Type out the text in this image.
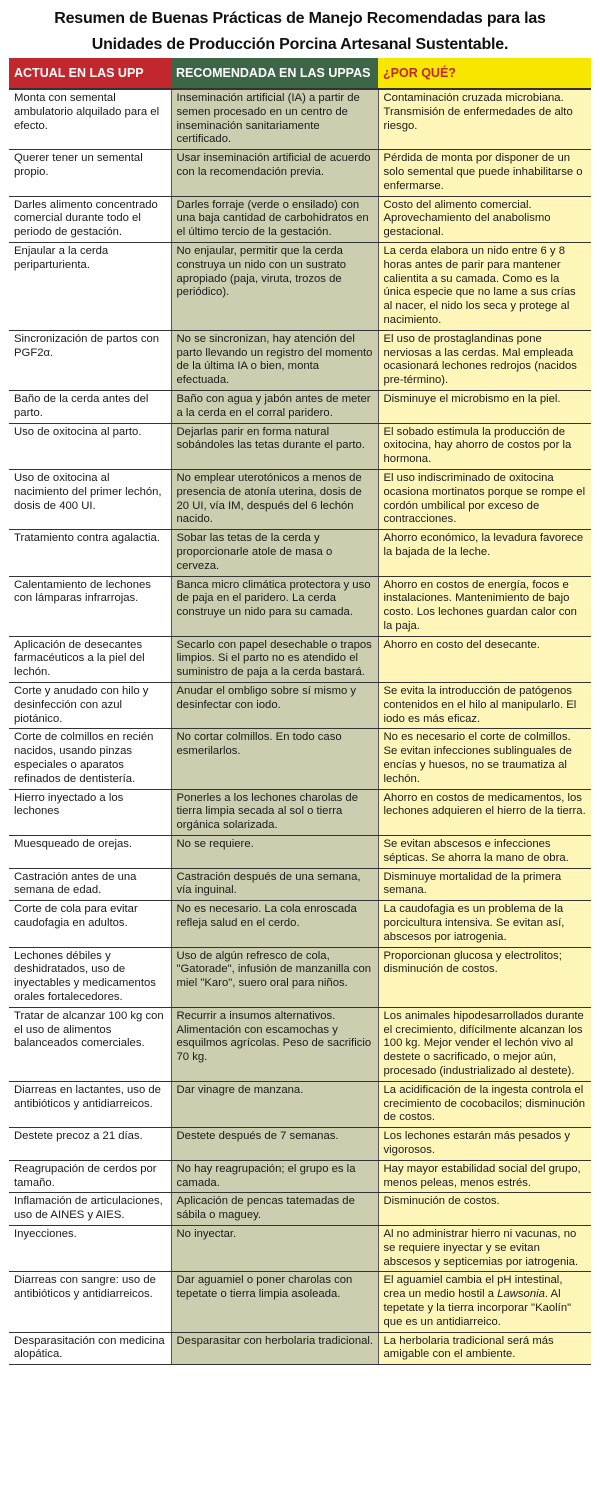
Resumen de Buenas Prácticas de Manejo Recomendadas para las
Unidades de Producción Porcina Artesanal Sustentable.
ACTUAL EN LAS UPP	RECOMENDADA EN LAS UPPAS	¿POR QUÉ?
Monta con semental ambulatorio alquilado para el efecto.	Inseminación artificial (IA) a partir de semen procesado en un centro de inseminación sanitariamente certificado.	Contaminación cruzada microbiana. Transmisión de enfermedades de alto riesgo.
Querer tener un semental propio.	Usar inseminación artificial de acuerdo con la recomendación previa.	Pérdida de monta por disponer de un solo semental que puede inhabilitarse o enfermarse.
Darles alimento concentrado comercial durante todo el periodo de gestación.	Darles forraje (verde o ensilado) con una baja cantidad de carbohidratos en el último tercio de la gestación.	Costo del alimento comercial. Aprovechamiento del anabolismo gestacional.
Enjaular a la cerda periparturienta.	No enjaular, permitir que la cerda construya un nido con un sustrato apropiado (paja, viruta, trozos de periódico).	La cerda elabora un nido entre 6 y 8 horas antes de parir para mantener calientita a su camada. Como es la única especie que no lame a sus crías al nacer, el nido los seca y protege al nacimiento.
Sincronización de partos con PGF2α.	No se sincronizan, hay atención del parto llevando un registro del momento de la última IA o bien, monta efectuada.	El uso de prostaglandinas pone nerviosas a las cerdas. Mal empleada ocasionará lechones redrojos (nacidos pre-término).
Baño de la cerda antes del parto.	Baño con agua y jabón antes de meter a la cerda en el corral paridero.	Disminuye el microbismo en la piel.
Uso de oxitocina al parto.	Dejarlas parir en forma natural sobándoles las tetas durante el parto.	El sobado estimula la producción de oxitocina, hay ahorro de costos por la hormona.
Uso de oxitocina al nacimiento del primer lechón, dosis de 400 UI.	No emplear uterotónicos a menos de presencia de atonía uterina, dosis de 20 UI, vía IM, después del 6 lechón nacido.	El uso indiscriminado de oxitocina ocasiona mortinatos porque se rompe el cordón umbilical por exceso de contracciones.
Tratamiento contra agalactia.	Sobar las tetas de la cerda y proporcionarle atole de masa o cerveza.	Ahorro económico, la levadura favorece la bajada de la leche.
Calentamiento de lechones con lámparas infrarrojas.	Banca micro climática protectora y uso de paja en el paridero. La cerda construye un nido para su camada.	Ahorro en costos de energía, focos e instalaciones. Mantenimiento de bajo costo. Los lechones guardan calor con la paja.
Aplicación de desecantes farmacéuticos a la piel del lechón.	Secarlo con papel desechable o trapos limpios. Si el parto no es atendido el suministro de paja a la cerda bastará.	Ahorro en costo del desecante.
Corte y anudado con hilo y desinfección con azul piotánico.	Anudar el ombligo sobre sí mismo y desinfectar con iodo.	Se evita la introducción de patógenos contenidos en el hilo al manipularlo. El iodo es más eficaz.
Corte de colmillos en recién nacidos, usando pinzas especiales o aparatos refinados de dentistería.	No cortar colmillos. En todo caso esmerilarlos.	No es necesario el corte de colmillos. Se evitan infecciones sublinguales de encías y huesos, no se traumatiza al lechón.
Hierro inyectado a los lechones	Ponerles a los lechones charolas de tierra limpia secada al sol o tierra orgánica solarizada.	Ahorro en costos de medicamentos, los lechones adquieren el hierro de la tierra.
Muesqueado de orejas.	No se requiere.	Se evitan abscesos e infecciones sépticas. Se ahorra la mano de obra.
Castración antes de una semana de edad.	Castración después de una semana, vía inguinal.	Disminuye mortalidad de la primera semana.
Corte de cola para evitar caudofagia en adultos.	No es necesario. La cola enroscada refleja salud en el cerdo.	La caudofagia es un problema de la porcicultura intensiva. Se evitan así, abscesos por iatrogenia.
Lechones débiles y deshidratados, uso de inyectables y medicamentos orales fortalecedores.	Uso de algún refresco de cola, "Gatorade", infusión de manzanilla con miel "Karo", suero oral para niños.	Proporcionan glucosa y electrolitos; disminución de costos.
Tratar de alcanzar 100 kg con el uso de alimentos balanceados comerciales.	Recurrir a insumos alternativos. Alimentación con escamochas y esquilmos agrícolas. Peso de sacrificio 70 kg.	Los animales hipodesarrollados durante el crecimiento, difícilmente alcanzan los 100 kg. Mejor vender el lechón vivo al destete o sacrificado, o mejor aún, procesado (industrializado al destete).
Diarreas en lactantes, uso de antibióticos y antidiarreicos.	Dar vinagre de manzana.	La acidificación de la ingesta controla el crecimiento de cocobacilos; disminución de costos.
Destete precoz a 21 días.	Destete después de 7 semanas.	Los lechones estarán más pesados y vigorosos.
Reagrupación de cerdos por tamaño.	No hay reagrupación; el grupo es la camada.	Hay mayor estabilidad social del grupo, menos peleas, menos estrés.
Inflamación de articulaciones, uso de AINES y AIES.	Aplicación de pencas tatemadas de sábila o maguey.	Disminución de costos.
Inyecciones.	No inyectar.	Al no administrar hierro ni vacunas, no se requiere inyectar y se evitan abscesos y septicemias por iatrogenia.
Diarreas con sangre: uso de antibióticos y antidiarreicos.	Dar aguamiel o poner charolas con tepetate o tierra limpia asoleada.	El aguamiel cambia el pH intestinal, crea un medio hostil a Lawsonia. Al tepetate y la tierra incorporar "Kaolín" que es un antidiarreico.
Desparasitación con medicina alopática.	Desparasitar con herbolaria tradicional.	La herbolaria tradicional será más amigable con el ambiente.
